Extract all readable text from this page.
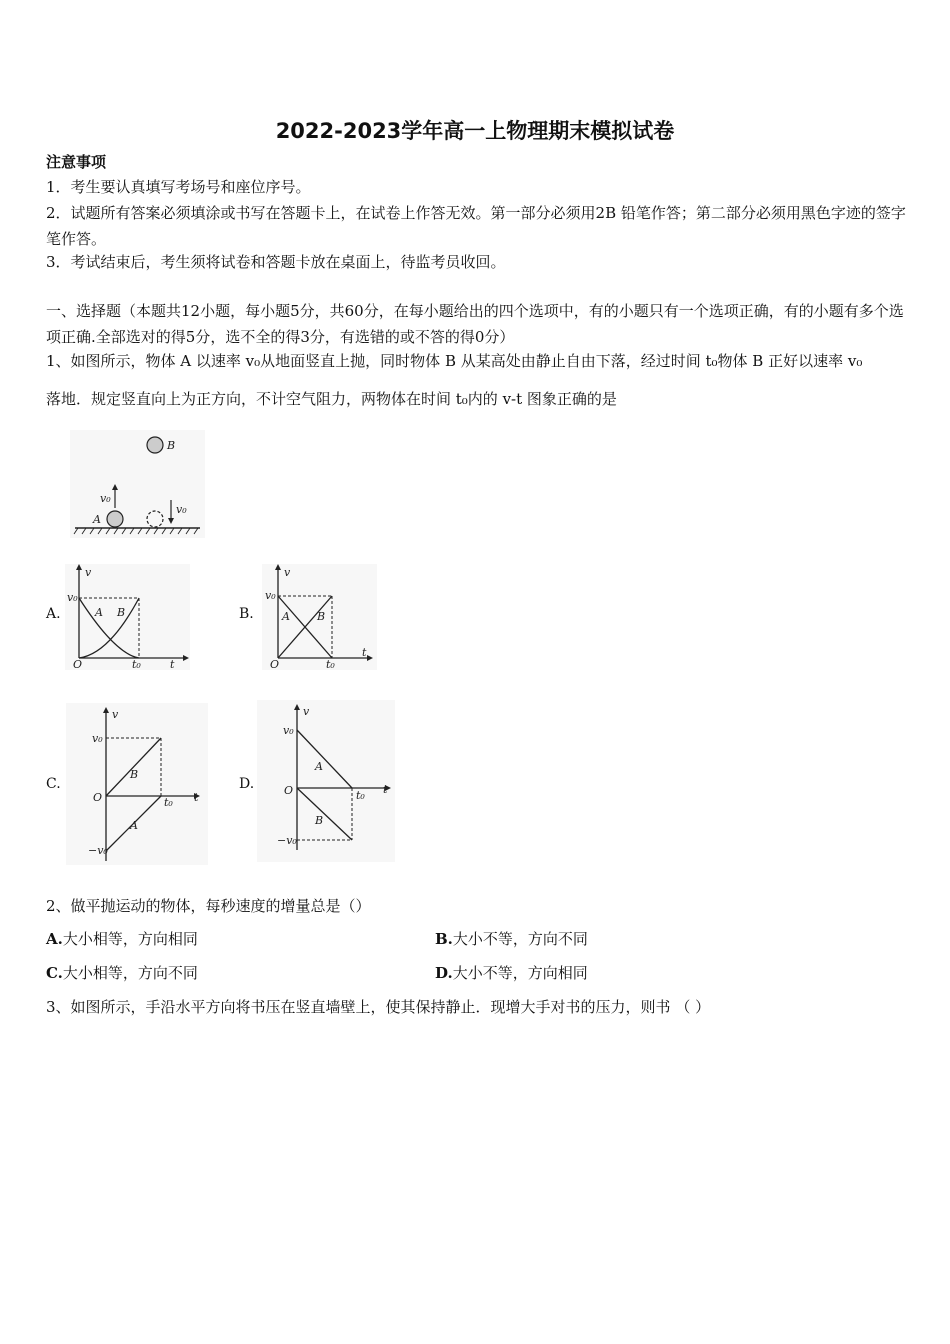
2022-2023学年高一上物理期末模拟试卷
注意事项
1．考生要认真填写考场号和座位序号。
2．试题所有答案必须填涂或书写在答题卡上，在试卷上作答无效。第一部分必须用2B 铅笔作答；第二部分必须用黑色字迹的签字笔作答。
3．考试结束后，考生须将试卷和答题卡放在桌面上，待监考员收回。
一、选择题（本题共12小题，每小题5分，共60分，在每小题给出的四个选项中，有的小题只有一个选项正确，有的小题有多个选项正确.全部选对的得5分，选不全的得3分，有选错的或不答的得0分）
1、如图所示，物体 A 以速率 v₀从地面竖直上抛，同时物体 B 从某高处由静止自由下落，经过时间 t₀物体 B 正好以速率 v₀
落地．规定竖直向上为正方向，不计空气阻力，两物体在时间 t₀内的 v-t 图象正确的是
B
v₀
A
v₀
A.
v
v₀
O	t₀	t
A B	B.
v
v₀
O	t₀
t
A B
C.
v
v₀
O	t₀ t
−v₀
B
A
D.
v
v₀
O	t₀ t
−v₀
A
B
2、做平抛运动的物体，每秒速度的增量总是（）
A.大小相等，方向相同	B.大小不等，方向不同
C.大小相等，方向不同	D.大小不等，方向相同
3、如图所示，手沿水平方向将书压在竖直墙壁上，使其保持静止．现增大手对书的压力，则书 （ ）
